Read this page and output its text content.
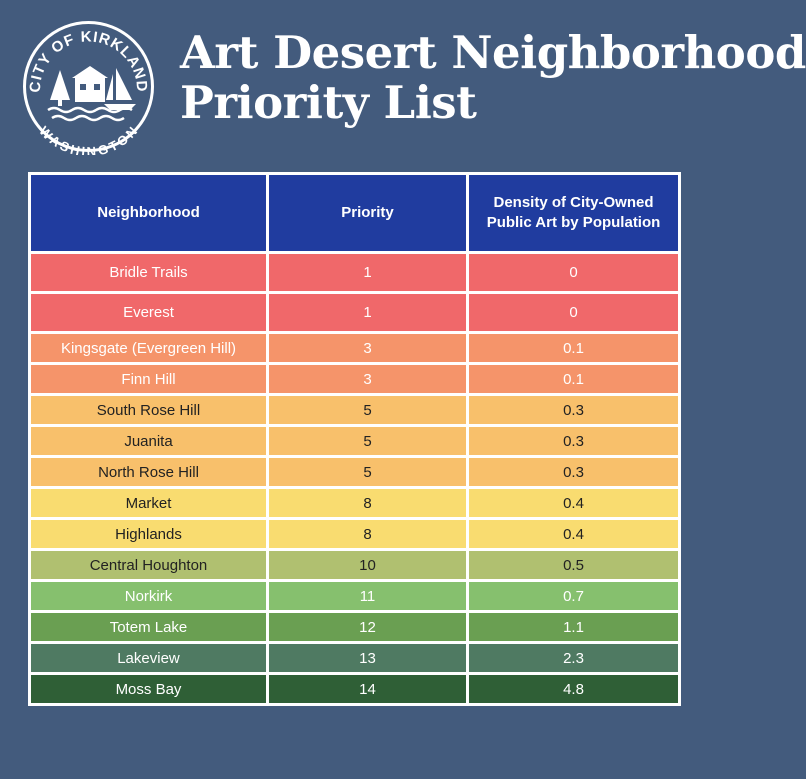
CITY OF KIRKLAND
WASHINGTON
Art Desert Neighborhood
Priority List
Neighborhood	Priority	Density of City-Owned Public Art by Population
Bridle Trails	1	0
Everest	1	0
Kingsgate (Evergreen Hill)	3	0.1
Finn Hill	3	0.1
South Rose Hill	5	0.3
Juanita	5	0.3
North Rose Hill	5	0.3
Market	8	0.4
Highlands	8	0.4
Central Houghton	10	0.5
Norkirk	11	0.7
Totem Lake	12	1.1
Lakeview	13	2.3
Moss Bay	14	4.8
